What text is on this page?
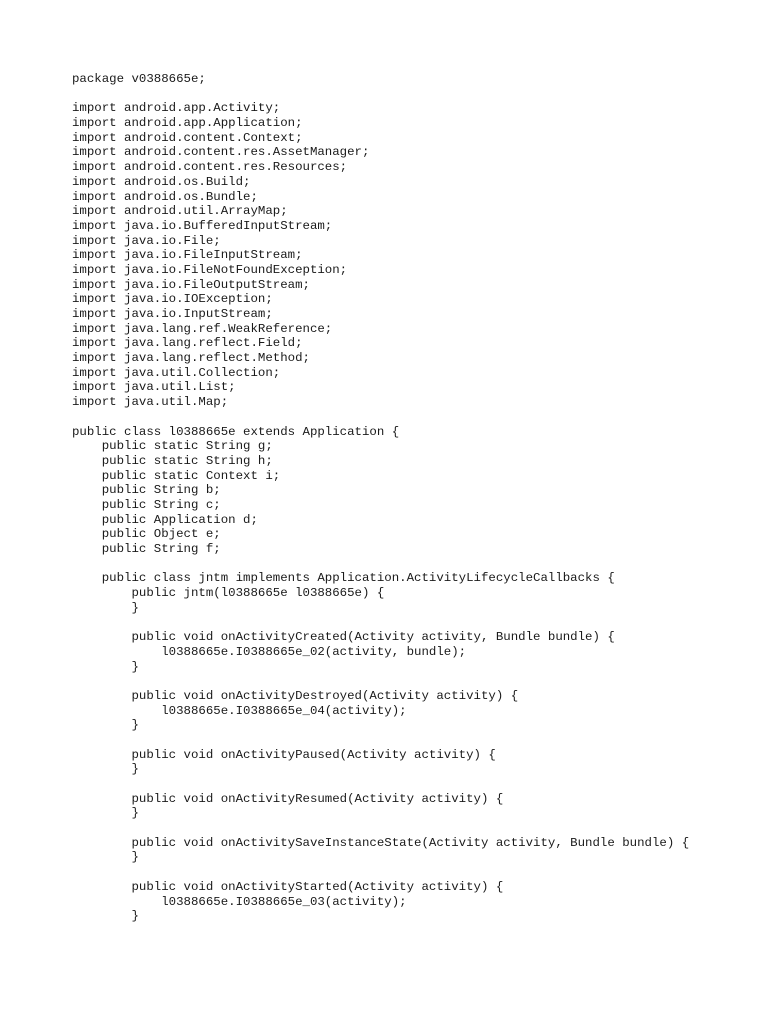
package v0388665e;
import android.app.Activity;
import android.app.Application;
import android.content.Context;
import android.content.res.AssetManager;
import android.content.res.Resources;
import android.os.Build;
import android.os.Bundle;
import android.util.ArrayMap;
import java.io.BufferedInputStream;
import java.io.File;
import java.io.FileInputStream;
import java.io.FileNotFoundException;
import java.io.FileOutputStream;
import java.io.IOException;
import java.io.InputStream;
import java.lang.ref.WeakReference;
import java.lang.reflect.Field;
import java.lang.reflect.Method;
import java.util.Collection;
import java.util.List;
import java.util.Map;
public class l0388665e extends Application {
public static String g;
public static String h;
public static Context i;
public String b;
public String c;
public Application d;
public Object e;
public String f;
public class jntm implements Application.ActivityLifecycleCallbacks {
public jntm(l0388665e l0388665e) {
}
public void onActivityCreated(Activity activity, Bundle bundle) {
l0388665e.I0388665e_02(activity, bundle);
}
public void onActivityDestroyed(Activity activity) {
l0388665e.I0388665e_04(activity);
}
public void onActivityPaused(Activity activity) {
}
public void onActivityResumed(Activity activity) {
}
public void onActivitySaveInstanceState(Activity activity, Bundle bundle) {
}
public void onActivityStarted(Activity activity) {
l0388665e.I0388665e_03(activity);
}
